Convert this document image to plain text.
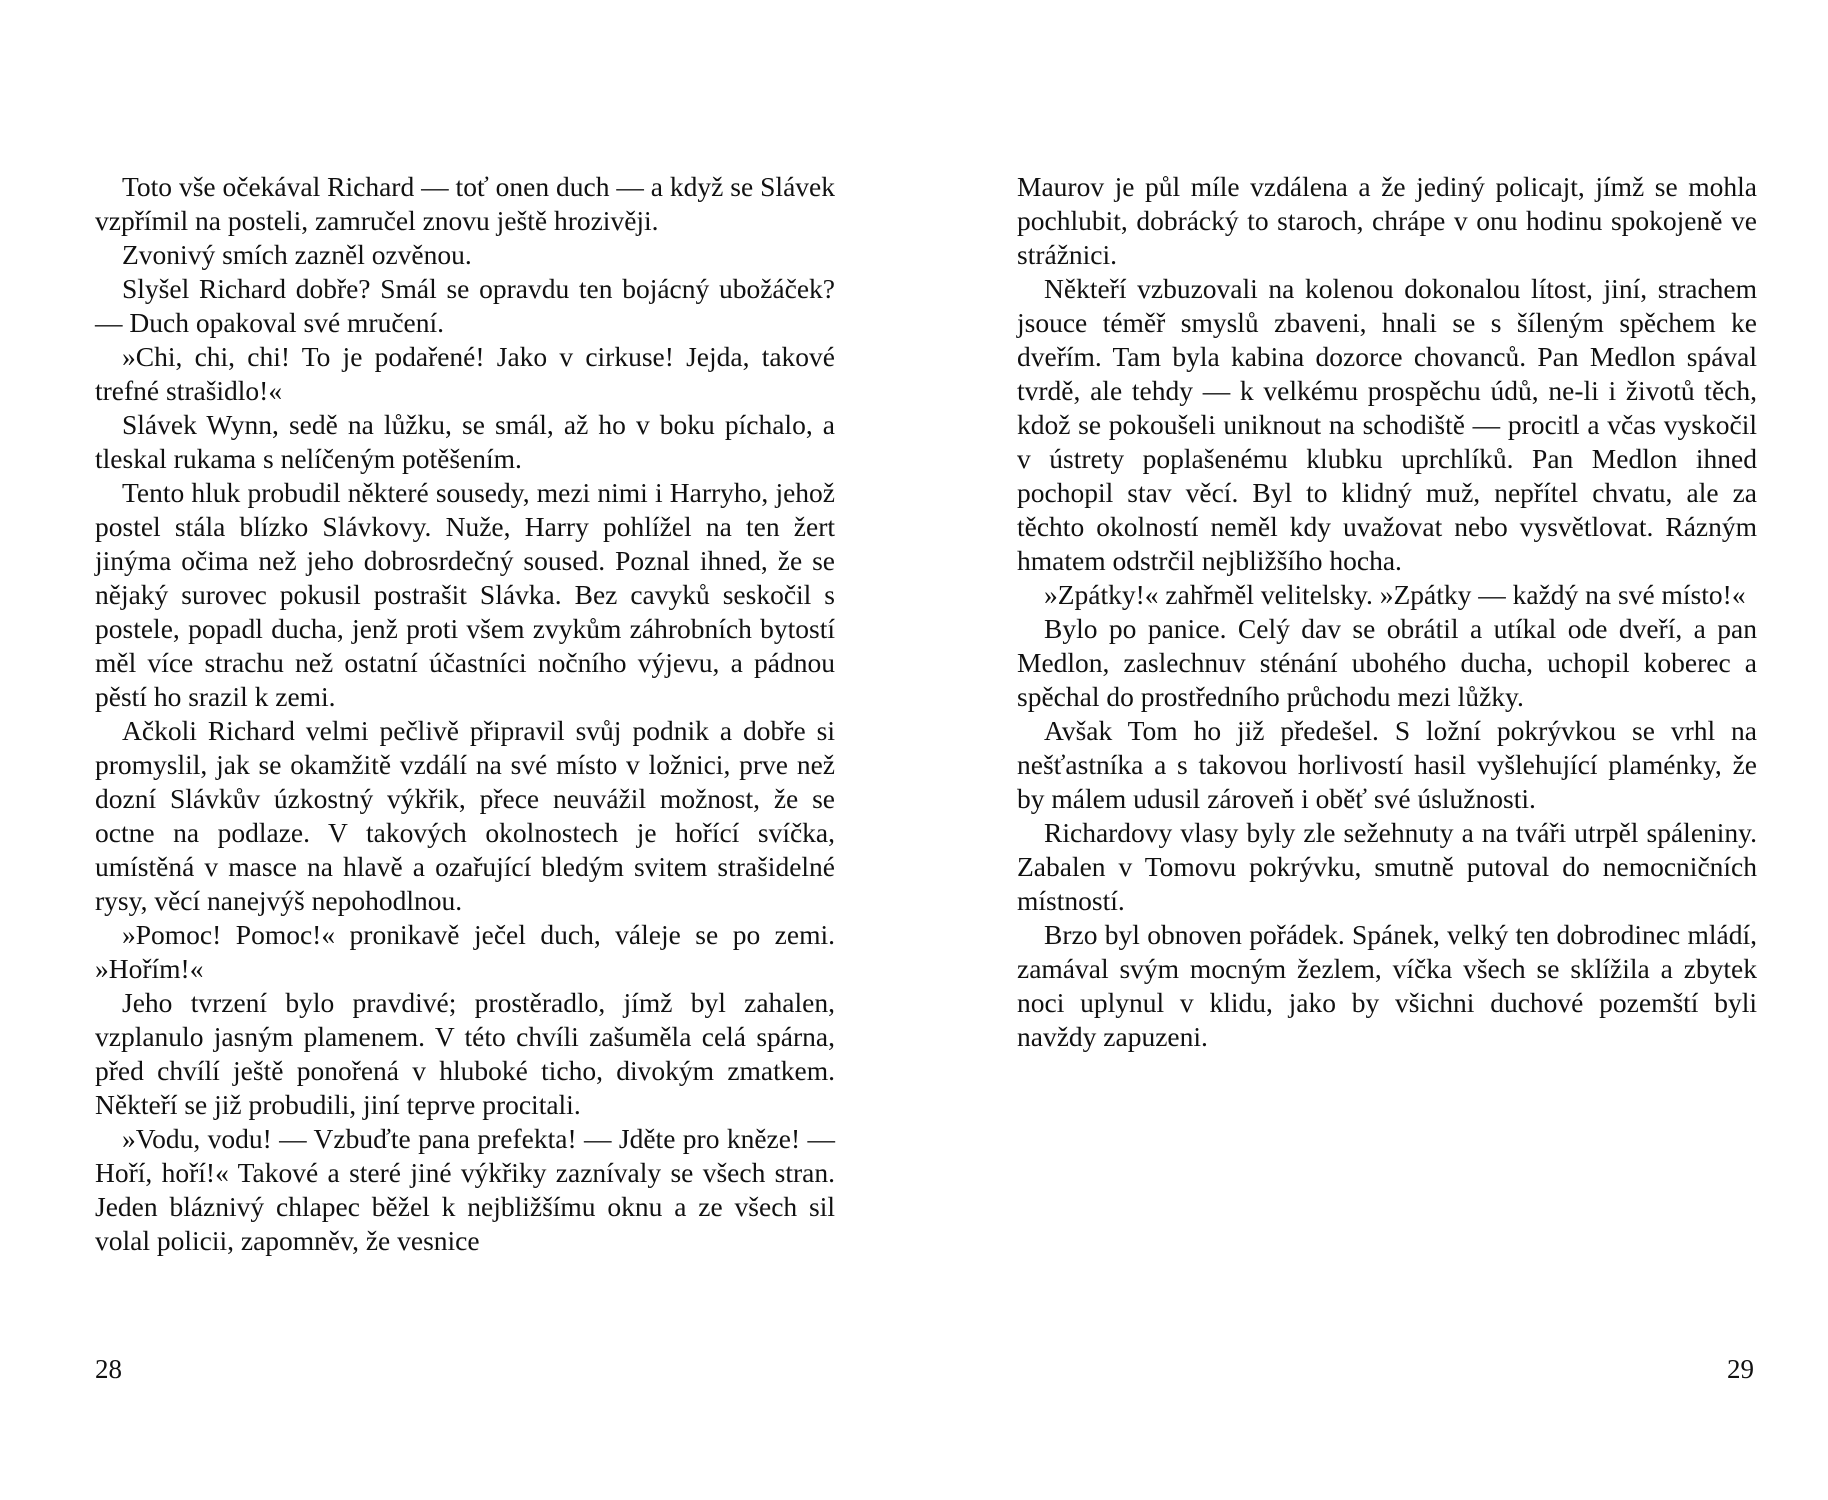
Toto vše očekával Richard — toť onen duch — a když se Slávek vzpřímil na posteli, zamručel znovu ještě hrozivěji.

Zvonivý smích zazněl ozvěnou.

Slyšel Richard dobře? Smál se opravdu ten bojácný ubožáček? — Duch opakoval své mručení.

»Chi, chi, chi! To je podařené! Jako v cirkuse! Jejda, takové trefné strašidlo!«

Slávek Wynn, sedě na lůžku, se smál, až ho v boku píchalo, a tleskal rukama s nelíčeným potěšením.

Tento hluk probudil některé sousedy, mezi nimi i Harryho, jehož postel stála blízko Slávkovy. Nuže, Harry pohlížel na ten žert jinýma očima než jeho dobrosrdečný soused. Poznal ihned, že se nějaký surovec pokusil postrašit Slávka. Bez cavyků seskočil s postele, popadl ducha, jenž proti všem zvykům záhrobních bytostí měl více strachu než ostatní účastníci nočního výjevu, a pádnou pěstí ho srazil k zemi.

Ačkoli Richard velmi pečlivě připravil svůj podnik a dobře si promyslil, jak se okamžitě vzdálí na své místo v ložnici, prve než dozní Slávkův úzkostný výkřik, přece neuvážil možnost, že se octne na podlaze. V takových okolnostech je hořící svíčka, umístěná v masce na hlavě a ozařující bledým svitem strašidelné rysy, věcí nanejvýš nepohodlnou.

»Pomoc! Pomoc!« pronikavě ječel duch, váleje se po zemi. »Hořím!«

Jeho tvrzení bylo pravdivé; prostěradlo, jímž byl zahalen, vzplanulo jasným plamenem. V této chvíli zašuměla celá spárna, před chvílí ještě ponořená v hluboké ticho, divokým zmatkem. Někteří se již probudili, jiní teprve procitali.

»Vodu, vodu! — Vzbuďte pana prefekta! — Jděte pro kněze! — Hoří, hoří!« Takové a steré jiné výkřiky zaznívaly se všech stran. Jeden bláznivý chlapec běžel k nejbližšímu oknu a ze všech sil volal policii, zapomněv, že vesnice

28

Maurov je půl míle vzdálena a že jediný policajt, jímž se mohla pochlubit, dobrácký to staroch, chrápe v onu hodinu spokojeně ve strážnici.

Někteří vzbuzovali na kolenou dokonalou lítost, jiní, strachem jsouce téměř smyslů zbaveni, hnali se s šíleným spěchem ke dveřím. Tam byla kabina dozorce chovanců. Pan Medlon spával tvrdě, ale tehdy — k velkému prospěchu údů, ne-li i životů těch, kdož se pokoušeli uniknout na schodiště — procitl a včas vyskočil v ústrety poplašenému klubku uprchlíků. Pan Medlon ihned pochopil stav věcí. Byl to klidný muž, nepřítel chvatu, ale za těchto okolností neměl kdy uvažovat nebo vysvětlovat. Rázným hmatem odstrčil nejbližšího hocha.

»Zpátky!« zahřměl velitelsky. »Zpátky — každý na své místo!«

Bylo po panice. Celý dav se obrátil a utíkal ode dveří, a pan Medlon, zaslechnuv sténání ubohého ducha, uchopil koberec a spěchal do prostředního průchodu mezi lůžky.

Avšak Tom ho již předešel. S ložní pokrývkou se vrhl na nešťastníka a s takovou horlivostí hasil vyšlehující plaménky, že by málem udusil zároveň i oběť své úslužnosti.

Richardovy vlasy byly zle sežehnuty a na tváři utrpěl spáleniny. Zabalen v Tomovu pokrývku, smutně putoval do nemocničních místností.

Brzo byl obnoven pořádek. Spánek, velký ten dobrodinec mládí, zamával svým mocným žezlem, víčka všech se sklížila a zbytek noci uplynul v klidu, jako by všichni duchové pozemští byli navždy zapuzeni.

29
